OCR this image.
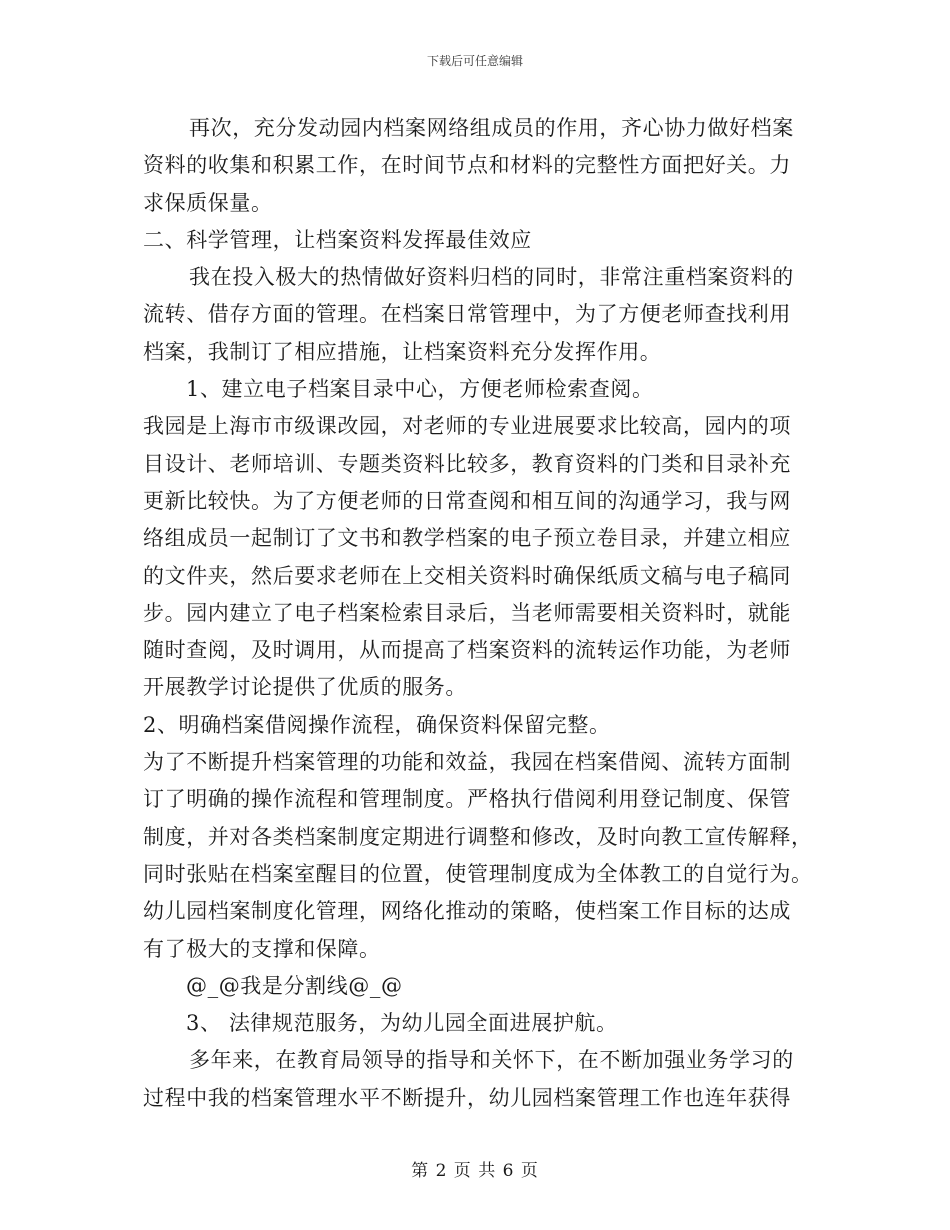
下载后可任意编辑
再次，充分发动园内档案网络组成员的作用，齐心协力做好档案
资料的收集和积累工作，在时间节点和材料的完整性方面把好关。力
求保质保量。
二、科学管理，让档案资料发挥最佳效应
我在投入极大的热情做好资料归档的同时，非常注重档案资料的
流转、借存方面的管理。在档案日常管理中，为了方便老师查找利用
档案，我制订了相应措施，让档案资料充分发挥作用。
1、建立电子档案目录中心，方便老师检索查阅。
我园是上海市市级课改园，对老师的专业进展要求比较高，园内的项
目设计、老师培训、专题类资料比较多，教育资料的门类和目录补充
更新比较快。为了方便老师的日常查阅和相互间的沟通学习，我与网
络组成员一起制订了文书和教学档案的电子预立卷目录，并建立相应
的文件夹，然后要求老师在上交相关资料时确保纸质文稿与电子稿同
步。园内建立了电子档案检索目录后，当老师需要相关资料时，就能
随时查阅，及时调用，从而提高了档案资料的流转运作功能，为老师
开展教学讨论提供了优质的服务。
2、明确档案借阅操作流程，确保资料保留完整。
为了不断提升档案管理的功能和效益，我园在档案借阅、流转方面制
订了明确的操作流程和管理制度。严格执行借阅利用登记制度、保管
制度，并对各类档案制度定期进行调整和修改，及时向教工宣传解释，
同时张贴在档案室醒目的位置，使管理制度成为全体教工的自觉行为。
幼儿园档案制度化管理，网络化推动的策略，使档案工作目标的达成
有了极大的支撑和保障。
@_@我是分割线@_@
3、 法律规范服务，为幼儿园全面进展护航。
多年来，在教育局领导的指导和关怀下，在不断加强业务学习的
过程中我的档案管理水平不断提升，幼儿园档案管理工作也连年获得
第 2 页 共 6 页
